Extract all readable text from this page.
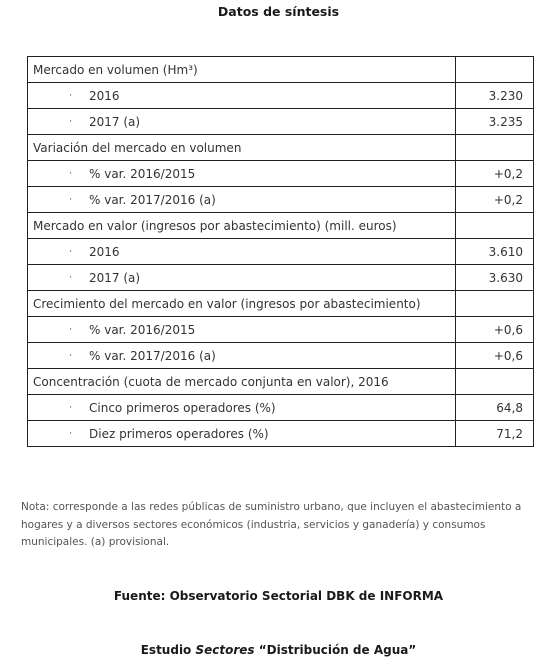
Datos de síntesis
Mercado en volumen (Hm³)	

· 2016	3.230

· 2017 (a)	3.235
Variación del mercado en volumen	

· % var. 2016/2015	+0,2

· % var. 2017/2016 (a)	+0,2
Mercado en valor (ingresos por abastecimiento) (mill. euros)	

· 2016	3.610

· 2017 (a)	3.630
Crecimiento del mercado en valor (ingresos por abastecimiento)	

· % var. 2016/2015	+0,6

· % var. 2017/2016 (a)	+0,6
Concentración (cuota de mercado conjunta en valor), 2016	

· Cinco primeros operadores (%)	64,8

· Diez primeros operadores (%)	71,2
Nota: corresponde a las redes públicas de suministro urbano, que incluyen el abastecimiento a hogares y a diversos sectores económicos (industria, servicios y ganadería) y consumos municipales. (a) provisional.
Fuente: Observatorio Sectorial DBK de INFORMA
Estudio Sectores “Distribución de Agua”
